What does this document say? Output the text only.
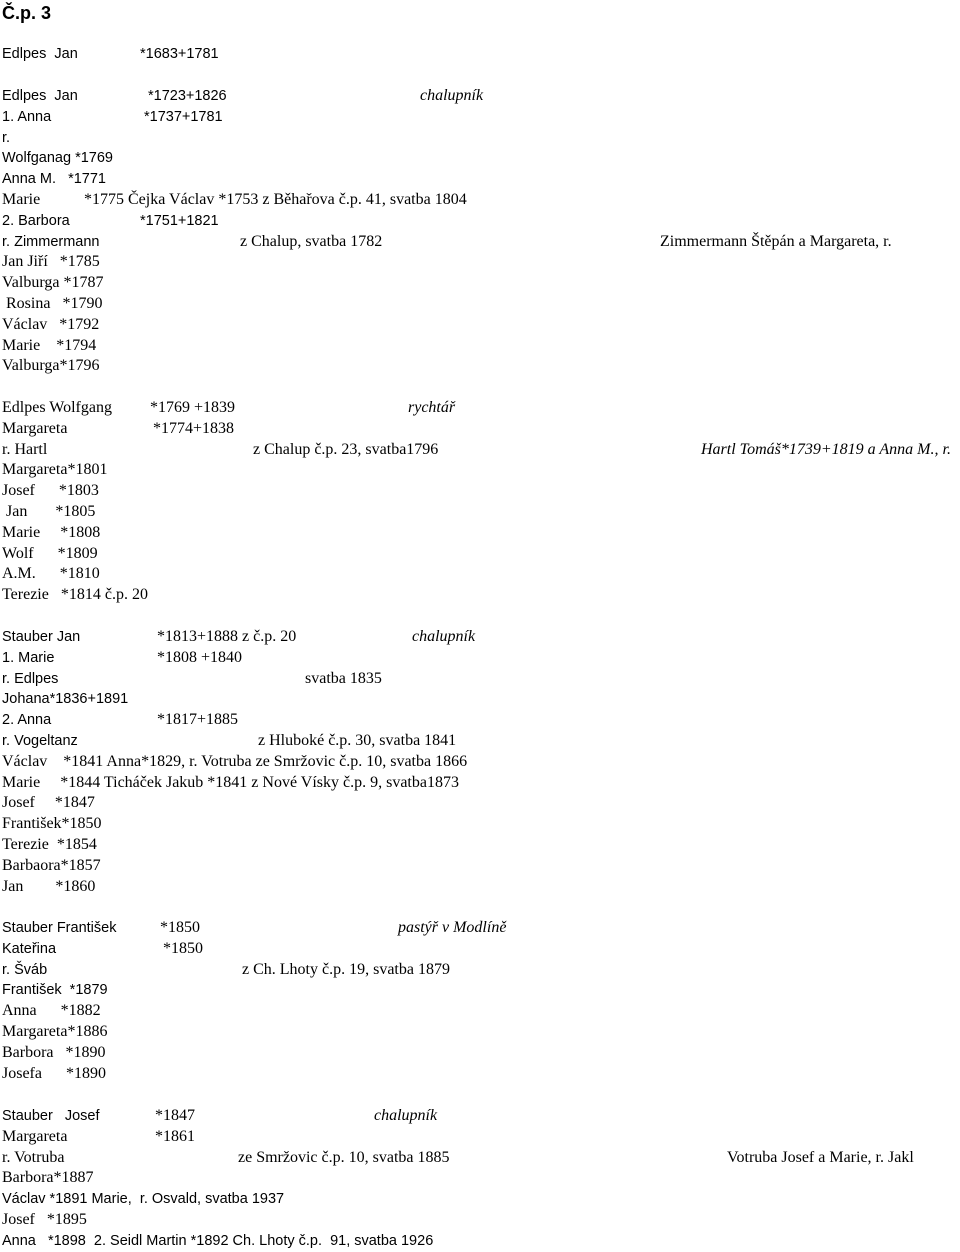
Č.p. 3
Edlpes  Jan	*1683+1781
Edlpes  Jan	*1723+1826	chalupník
1. Anna	*1737+1781
r.
Wolfganag *1769
Anna M.   *1771
Marie	*1775 Čejka Václav *1753 z Běhařova č.p. 41, svatba 1804
2. Barbora	*1751+1821
r. Zimmermann	z Chalup, svatba 1782	Zimmermann Štěpán a Margareta, r.
Jan Jiří   *1785
Valburga *1787
Rosina   *1790
Václav   *1792
Marie    *1794
Valburga*1796
Edlpes Wolfgang *1769 +1839	rychtář
Margareta	*1774+1838
r. Hartl	z Chalup č.p. 23, svatba1796	Hartl Tomáš*1739+1819 a Anna M., r.
Margareta*1801
Josef      *1803
Jan       *1805
Marie     *1808
Wolf      *1809
A.M.      *1810
Terezie   *1814 č.p. 20
Stauber Jan	*1813+1888 z č.p. 20	chalupník
1. Marie	*1808 +1840
r. Edlpes	svatba 1835
Johana*1836+1891
2. Anna	*1817+1885
r. Vogeltanz	z Hluboké č.p. 30, svatba 1841
Václav    *1841 Anna*1829, r. Votruba ze Smržovic č.p. 10, svatba 1866
Marie     *1844 Ticháček Jakub *1841 z Nové Vísky č.p. 9, svatba1873
Josef     *1847
František*1850
Terezie  *1854
Barbaora*1857
Jan        *1860
Stauber František	*1850	pastýř v Modlíně
Kateřina	*1850
r. Šváb	z Ch. Lhoty č.p. 19, svatba 1879
František  *1879
Anna      *1882
Margareta*1886
Barbora   *1890
Josefa      *1890
Stauber   Josef	*1847	chalupník
Margareta	*1861
r. Votruba	ze Smržovic č.p. 10, svatba 1885	Votruba Josef a Marie, r. Jakl
Barbora*1887
Václav *1891 Marie,  r. Osvald, svatba 1937
Josef   *1895
Anna   *1898  2. Seidl Martin *1892 Ch. Lhoty č.p.  91, svatba 1926
